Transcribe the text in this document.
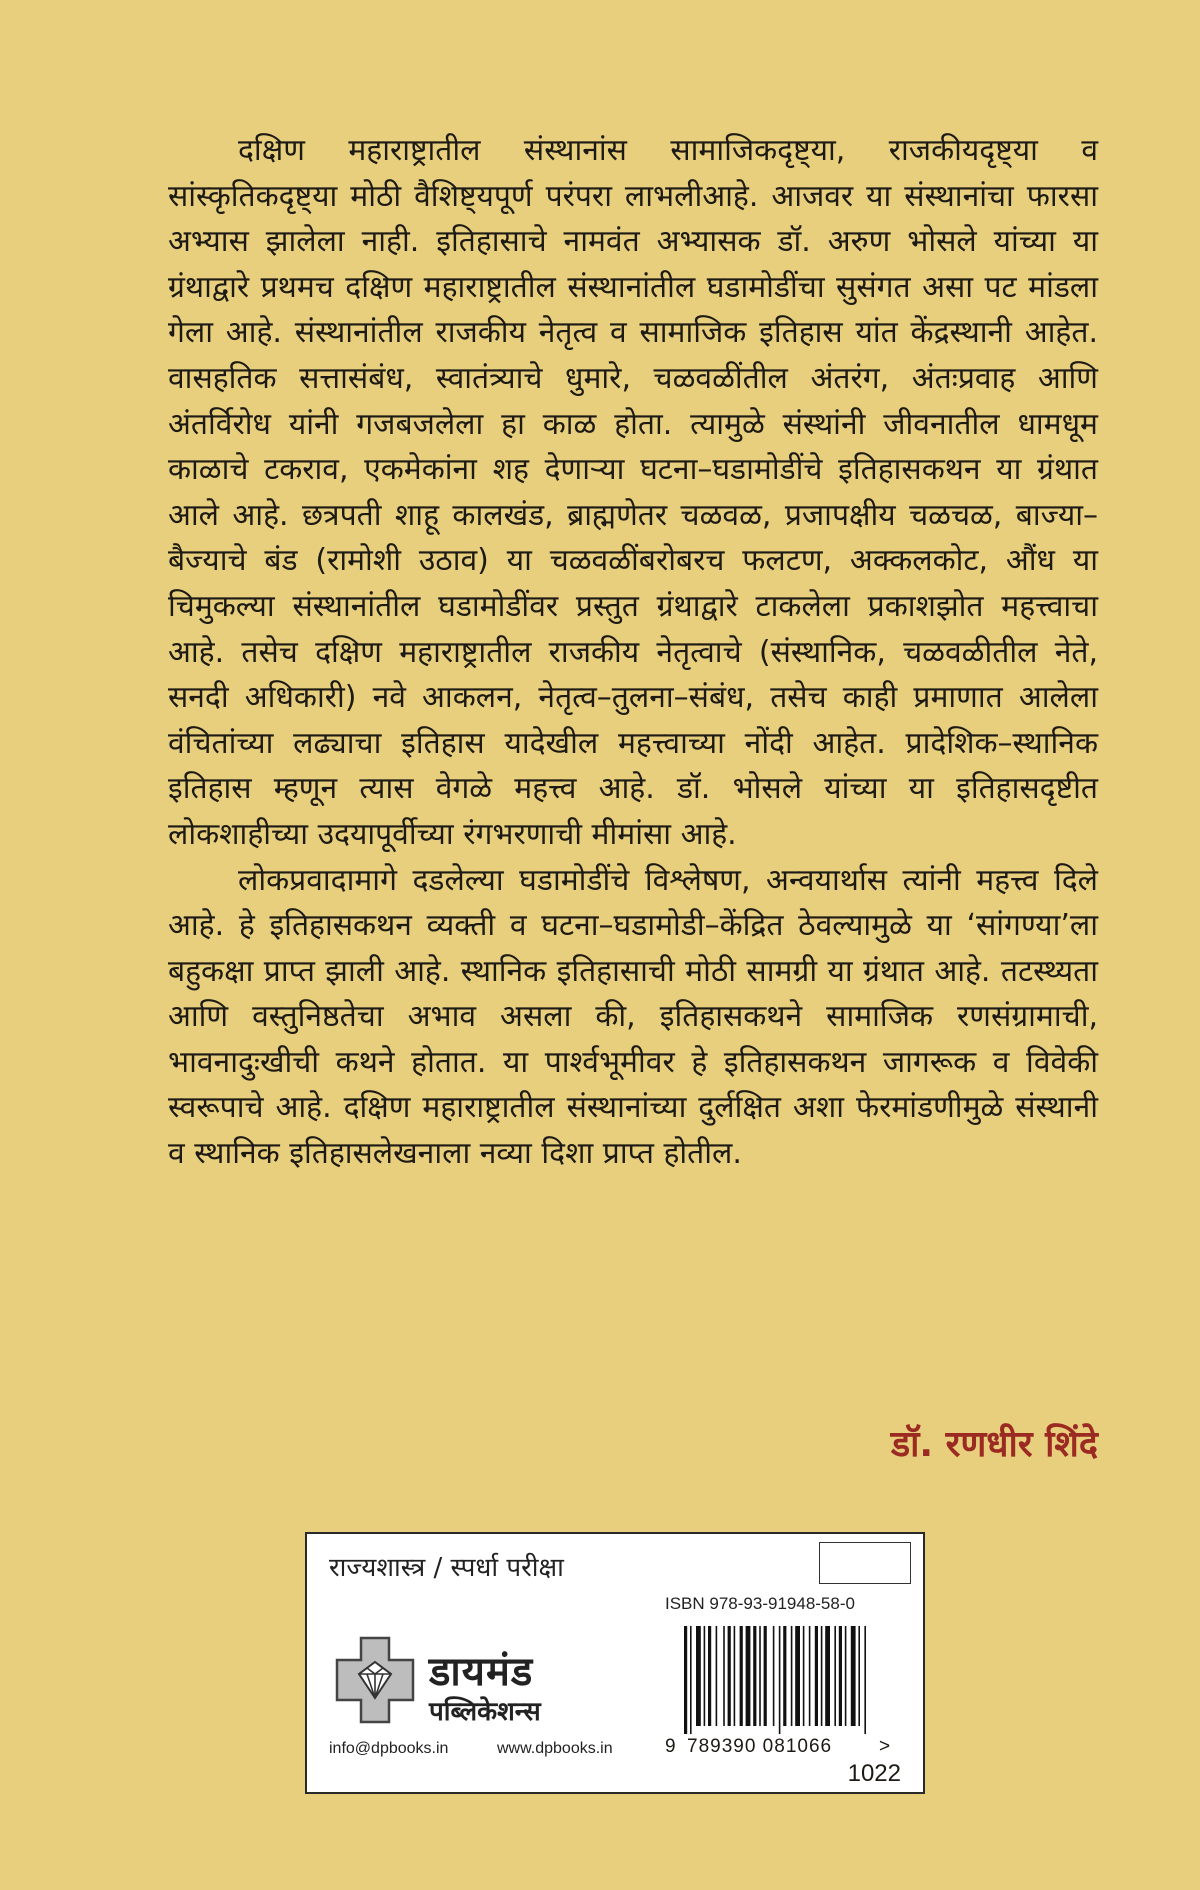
दक्षिण महाराष्ट्रातील संस्थानांस सामाजिकदृष्ट्या, राजकीयदृष्ट्या व सांस्कृतिकदृष्ट्या मोठी वैशिष्ट्यपूर्ण परंपरा लाभलीआहे. आजवर या संस्थानांचा फारसा अभ्यास झालेला नाही. इतिहासाचे नामवंत अभ्यासक डॉ. अरुण भोसले यांच्या या ग्रंथाद्वारे प्रथमच दक्षिण महाराष्ट्रातील संस्थानांतील घडामोडींचा सुसंगत असा पट मांडला गेला आहे. संस्थानांतील राजकीय नेतृत्व व सामाजिक इतिहास यांत केंद्रस्थानी आहेत. वासहतिक सत्तासंबंध, स्वातंत्र्याचे धुमारे, चळवळींतील अंतरंग, अंतःप्रवाह आणि अंतर्विरोध यांनी गजबजलेला हा काळ होता. त्यामुळे संस्थांनी जीवनातील धामधूम काळाचे टकराव, एकमेकांना शह देणाऱ्या घटना–घडामोडींचे इतिहासकथन या ग्रंथात आले आहे. छत्रपती शाहू कालखंड, ब्राह्मणेतर चळवळ, प्रजापक्षीय चळचळ, बाज्या–बैज्याचे बंड (रामोशी उठाव) या चळवळींबरोबरच फलटण, अक्कलकोट, औंध या चिमुकल्या संस्थानांतील घडामोडींवर प्रस्तुत ग्रंथाद्वारे टाकलेला प्रकाशझोत महत्त्वाचा आहे. तसेच दक्षिण महाराष्ट्रातील राजकीय नेतृत्वाचे (संस्थानिक, चळवळीतील नेते, सनदी अधिकारी) नवे आकलन, नेतृत्व–तुलना–संबंध, तसेच काही प्रमाणात आलेला वंचितांच्या लढ्याचा इतिहास यादेखील महत्त्वाच्या नोंदी आहेत. प्रादेशिक–स्थानिक इतिहास म्हणून त्यास वेगळे महत्त्व आहे. डॉ. भोसले यांच्या या इतिहासदृष्टीत लोकशाहीच्या उदयापूर्वीच्या रंगभरणाची मीमांसा आहे.

लोकप्रवादामागे दडलेल्या घडामोडींचे विश्लेषण, अन्वयार्थास त्यांनी महत्त्व दिले आहे. हे इतिहासकथन व्यक्ती व घटना–घडामोडी–केंद्रित ठेवल्यामुळे या ‘सांगण्या’ला बहुकक्षा प्राप्त झाली आहे. स्थानिक इतिहासाची मोठी सामग्री या ग्रंथात आहे. तटस्थ्यता आणि वस्तुनिष्ठतेचा अभाव असला की, इतिहासकथने सामाजिक रणसंग्रामाची, भावनादुःखीची कथने होतात. या पार्श्वभूमीवर हे इतिहासकथन जागरूक व विवेकी स्वरूपाचे आहे. दक्षिण महाराष्ट्रातील संस्थानांच्या दुर्लक्षित अशा फेरमांडणीमुळे संस्थानी व स्थानिक इतिहासलेखनाला नव्या दिशा प्राप्त होतील.

डॉ. रणधीर शिंदे
राज्यशास्त्र / स्पर्धा परीक्षा
ISBN 978-93-91948-58-0
9 789390 081066 >
1022
डायमंड
पब्लिकेशन्स
info@dpbooks.in	www.dpbooks.in
